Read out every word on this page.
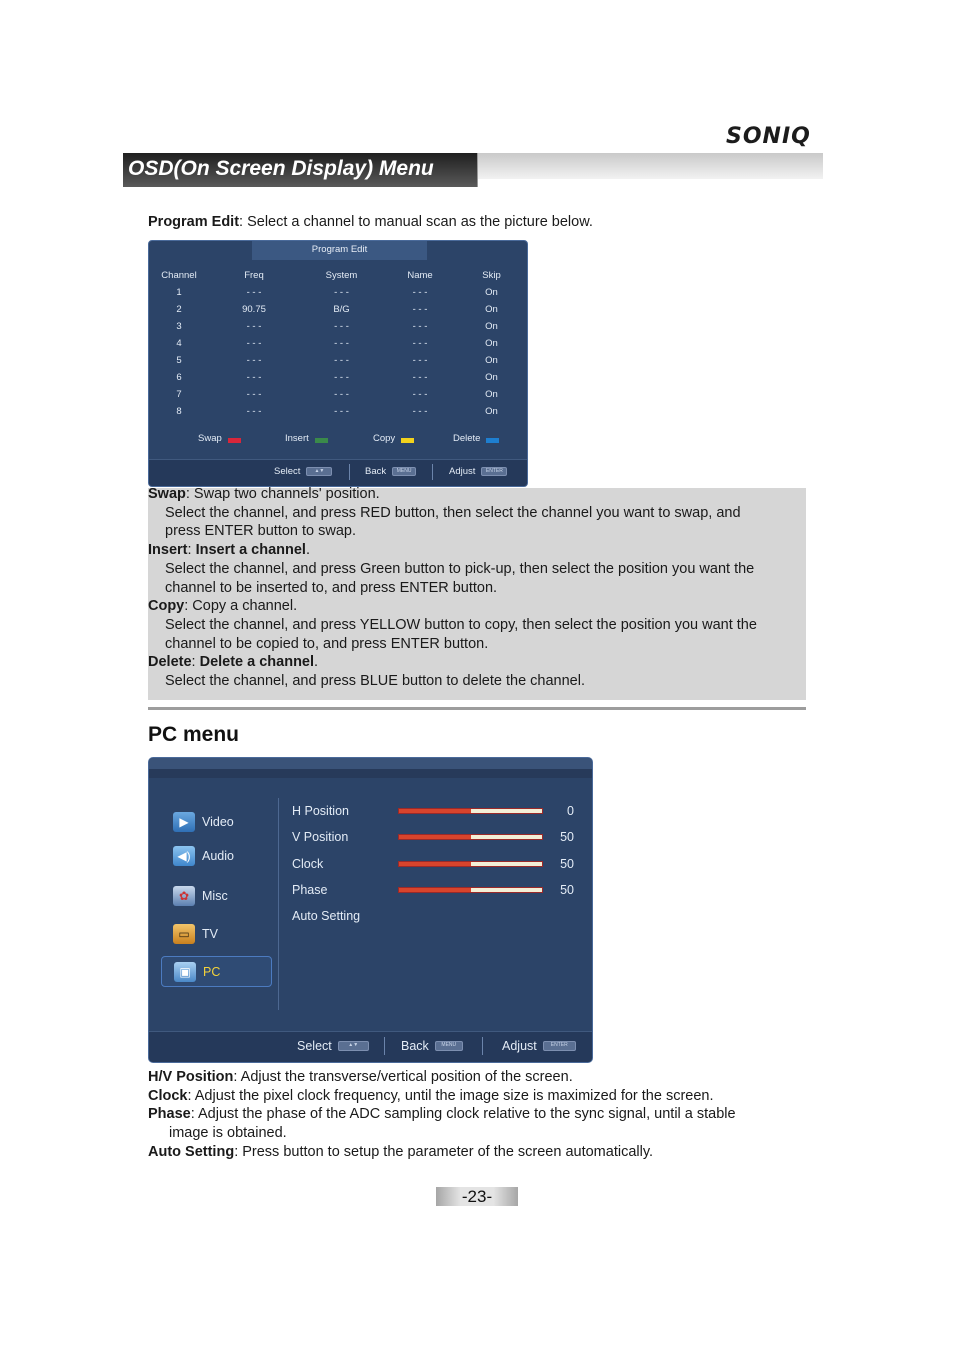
SONIQ
OSD(On Screen Display) Menu
Program Edit: Select a channel to manual scan as the picture below.
Program Edit
Channel	Freq	System	Name	Skip
1	- - -	- - -	- - -	On
2	90.75	B/G	- - -	On
3	- - -	- - -	- - -	On
4	- - -	- - -	- - -	On
5	- - -	- - -	- - -	On
6	- - -	- - -	- - -	On
7	- - -	- - -	- - -	On
8	- - -	- - -	- - -	On
Swap	Insert	Copy	Delete
Select	▲▼	Back	MENU	Adjust	ENTER
Swap: Swap two channels' position.
Select the channel, and press RED button, then select the channel you want to swap, and
press ENTER button to swap.
Insert: Insert a channel.
Select the channel, and press Green button to pick-up, then select the position you want the
channel to be inserted to, and press ENTER button.
Copy: Copy a channel.
Select the channel, and press YELLOW button to copy, then select the position you want the
channel to be copied to, and press ENTER button.
Delete: Delete a channel.
Select the channel, and press BLUE button to delete the channel.
PC menu
▶	Video
◀) Audio
✿	Misc
▭ TV
▣ PC
H Position	0
V Position	50
Clock	50
Phase	50
Auto Setting
Select	▲▼	Back	MENU	Adjust	ENTER
H/V Position: Adjust the transverse/vertical position of the screen.
Clock: Adjust the pixel clock frequency, until the image size is maximized for the screen.
Phase: Adjust the phase of the ADC sampling clock relative to the sync signal, until a stable
image is obtained.
Auto Setting: Press button to setup the parameter of the screen automatically.
-23-
